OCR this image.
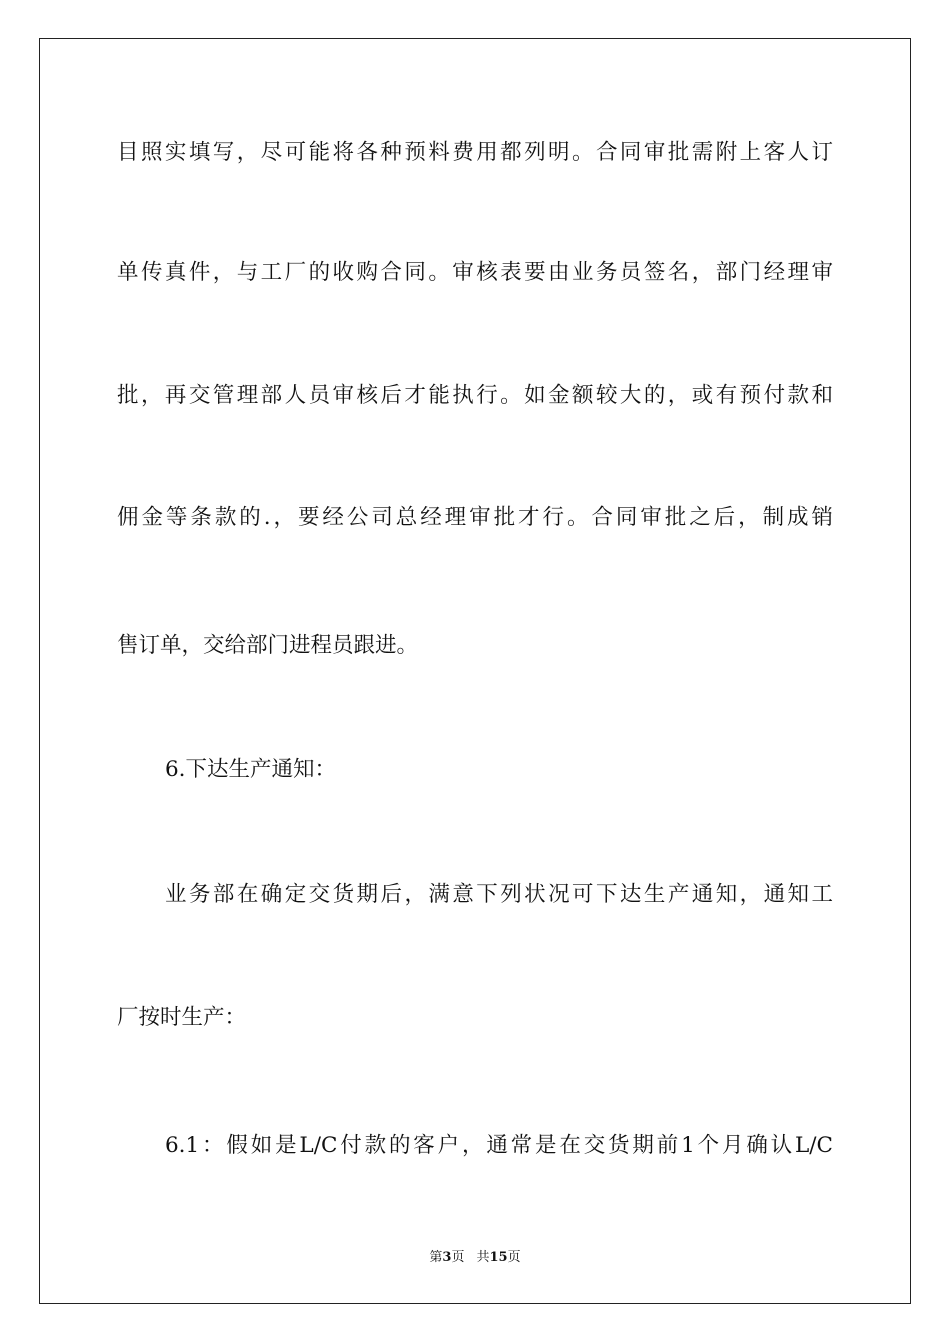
目照实填写，尽可能将各种预料费用都列明。合同审批需附上客人订

单传真件，与工厂的收购合同。审核表要由业务员签名，部门经理审

批，再交管理部人员审核后才能执行。如金额较大的，或有预付款和

佣金等条款的.，要经公司总经理审批才行。合同审批之后，制成销

售订单，交给部门进程员跟进。

6.下达生产通知：

业务部在确定交货期后，满意下列状况可下达生产通知，通知工

厂按时生产：

6.1：假如是L/C付款的客户，通常是在交货期前1个月确认L/C

第3页 共15页
